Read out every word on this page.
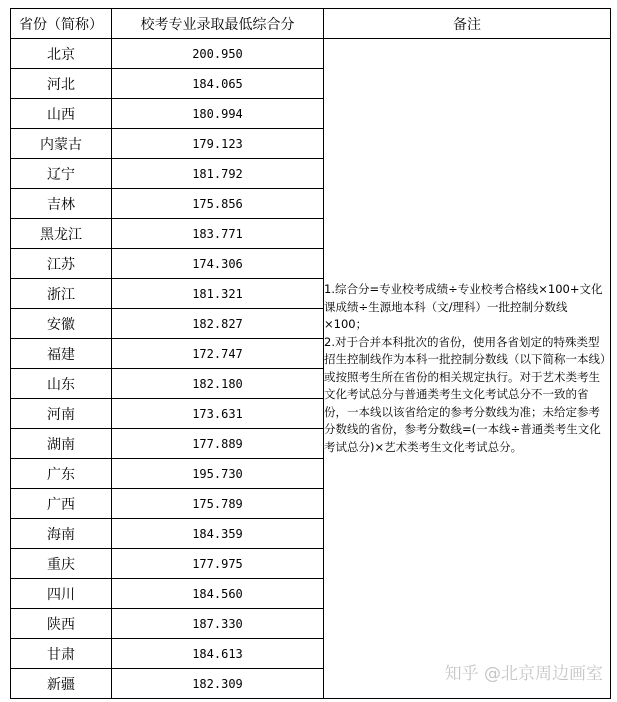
省份（简称）	校考专业录取最低综合分	备注
北京	200.950	1.综合分=专业校考成绩÷专业校考合格线×100+文化课成绩÷生源地本科（文/理科）一批控制分数线×100；

2.对于合并本科批次的省份，使用各省划定的特殊类型招生控制线作为本科一批控制分数线（以下简称一本线）或按照考生所在省份的相关规定执行。对于艺术类考生文化考试总分与普通类考生文化考试总分不一致的省份，一本线以该省给定的参考分数线为准；未给定参考分数线的省份，参考分数线=(一本线÷普通类考生文化考试总分)×艺术类考生文化考试总分。

河北	184.065	
山西	180.994	
内蒙古	179.123	
辽宁	181.792	
吉林	175.856	
黑龙江	183.771	
江苏	174.306	
浙江	181.321	
安徽	182.827	
福建	172.747	
山东	182.180	
河南	173.631	
湖南	177.889	
广东	195.730	
广西	175.789	
海南	184.359	
重庆	177.975	
四川	184.560	
陕西	187.330	
甘肃	184.613	
新疆	182.309		知乎 @北京周边画室
